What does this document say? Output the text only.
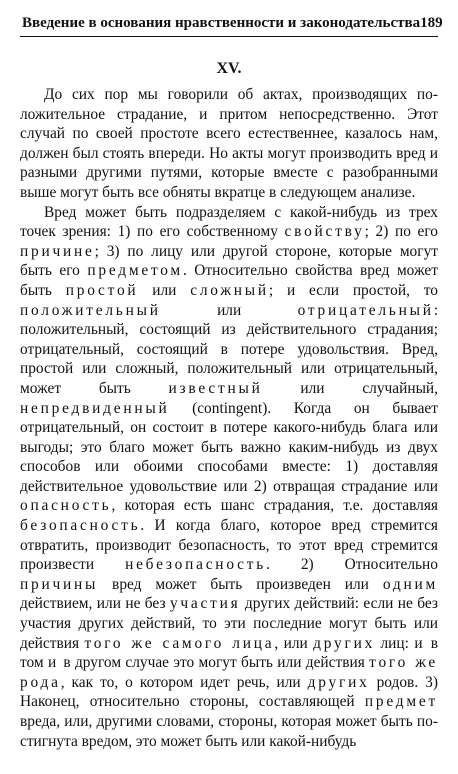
Введение в основания нравственности и законодательства 189
XV.

До сих пор мы говорили об актах, производящих положительное страдание, и притом непосредственно. Этот случай по своей простоте всего естественнее, казалось нам, должен был стоять впереди. Но акты могут производить вред и разными другими путями, которые вместе с разобранными выше могут быть все обняты вкратце в следующем анализе.

Вред может быть подразделяем с какой-нибудь из трех точек зрения: 1) по его собственному свойству; 2) по его причине; 3) по лицу или другой стороне, которые могут быть его предметом. Относительно свойства вред может быть простой или сложный; и если простой, то положительный или отрицательный: положительный, состоящий из действительного страдания; отрицательный, состоящий в потере удовольствия. Вред, простой или сложный, положительный или отрицательный, может быть известный или случайный, непредвиденный (contingent). Когда он бывает отрицательный, он состоит в потере какого-нибудь блага или выгоды; это благо может быть важно каким-нибудь из двух способов или обоими способами вместе: 1) доставляя действительное удовольствие или 2) отвращая страдание или опасность, которая есть шанс страдания, т.е. доставляя безопасность. И когда благо, которое вред стремится отвратить, производит безопасность, то этот вред стремится произвести небезопасность. 2) Относительно причины вред может быть произведен или одним действием, или не без участия других действий: если не без участия других действий, то эти последние могут быть или действия того же самого лица, или других лиц: и в том и в другом случае это могут быть или действия того же рода, как то, о котором идет речь, или других родов. 3) Наконец, относительно стороны, составляющей предмет вреда, или, другими словами, стороны, которая может быть постигнута вредом, это может быть или какой-нибудь
